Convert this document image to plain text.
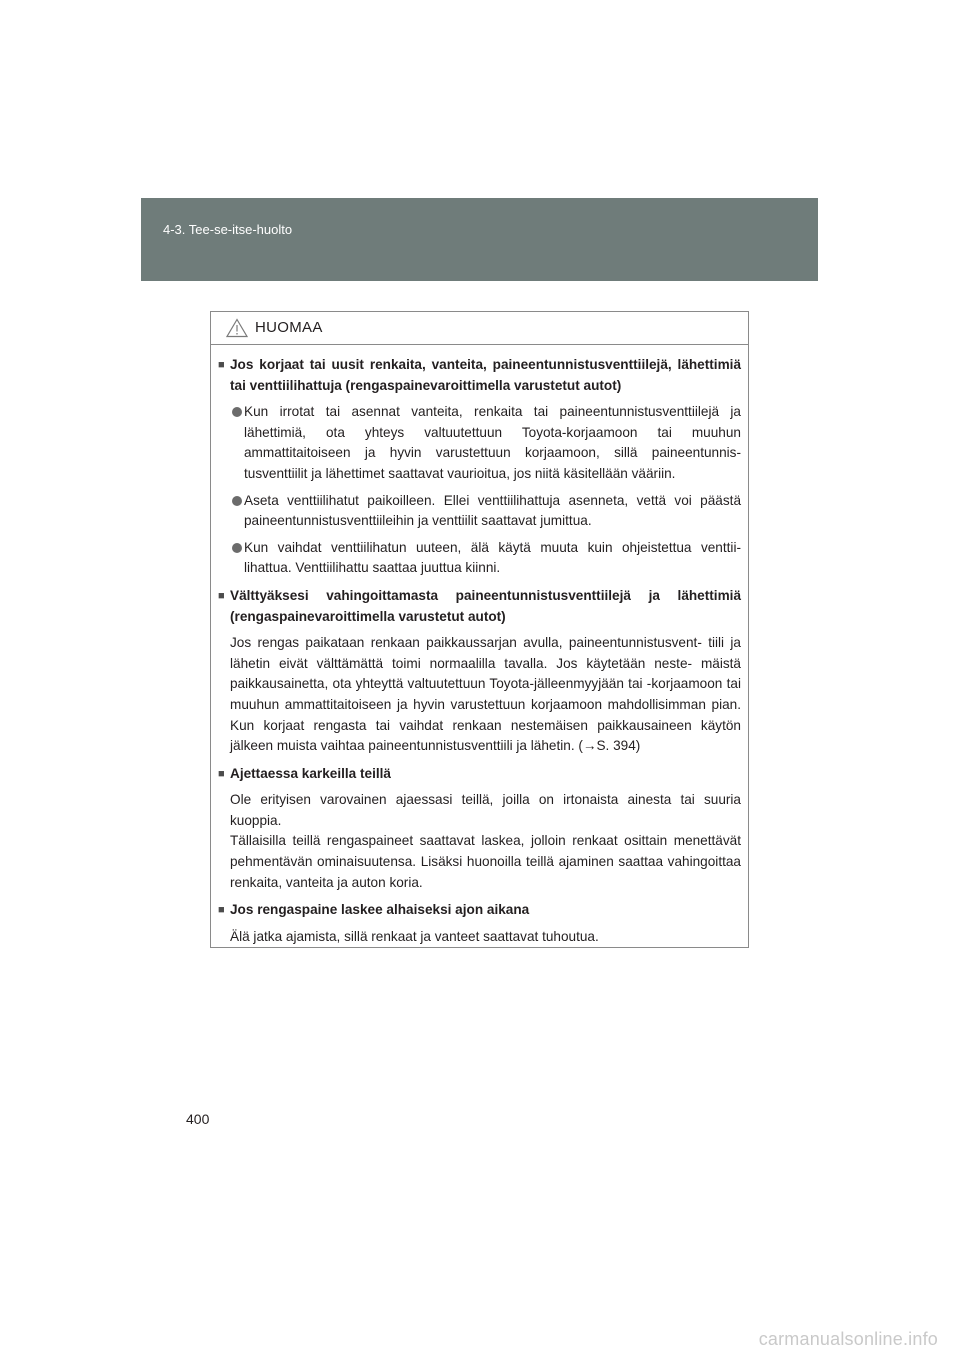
4-3. Tee-se-itse-huolto
HUOMAA
■ Jos korjaat tai uusit renkaita, vanteita, paineentunnistusventtiilejä, lähettimiä tai venttiilihattuja (rengaspainevaroittimella varustetut autot)
Kun irrotat tai asennat vanteita, renkaita tai paineentunnistusventtiilejä ja lähettimiä, ota yhteys valtuutettuun Toyota-korjaamoon tai muuhun ammattitaitoiseen ja hyvin varustettuun korjaamoon, sillä paineentunnis- tusventtiilit ja lähettimet saattavat vaurioitua, jos niitä käsitellään vääriin.
Aseta venttiilihatut paikoilleen. Ellei venttiilihattuja asenneta, vettä voi päästä paineentunnistusventtiileihin ja venttiilit saattavat jumittua.
Kun vaihdat venttiilihatun uuteen, älä käytä muuta kuin ohjeistettua venttii- lihattua. Venttiilihattu saattaa juuttua kiinni.
■ Välttyäksesi vahingoittamasta paineentunnistusventtiilejä ja lähettimiä (rengaspainevaroittimella varustetut autot)
Jos rengas paikataan renkaan paikkaussarjan avulla, paineentunnistusvent- tiili ja lähetin eivät välttämättä toimi normaalilla tavalla. Jos käytetään neste- mäistä paikkausainetta, ota yhteyttä valtuutettuun Toyota-jälleenmyyjään tai -korjaamoon tai muuhun ammattitaitoiseen ja hyvin varustettuun korjaamoon mahdollisimman pian. Kun korjaat rengasta tai vaihdat renkaan nestemäisen paikkausaineen käytön jälkeen muista vaihtaa paineentunnistusventtiili ja lähetin. (→S. 394)
■ Ajettaessa karkeilla teillä
Ole erityisen varovainen ajaessasi teillä, joilla on irtonaista ainesta tai suuria kuoppia.
Tällaisilla teillä rengaspaineet saattavat laskea, jolloin renkaat osittain menettävät pehmentävän ominaisuutensa. Lisäksi huonoilla teillä ajaminen saattaa vahingoittaa renkaita, vanteita ja auton koria.
■ Jos rengaspaine laskee alhaiseksi ajon aikana
Älä jatka ajamista, sillä renkaat ja vanteet saattavat tuhoutua.
400
carmanualsonline.info
